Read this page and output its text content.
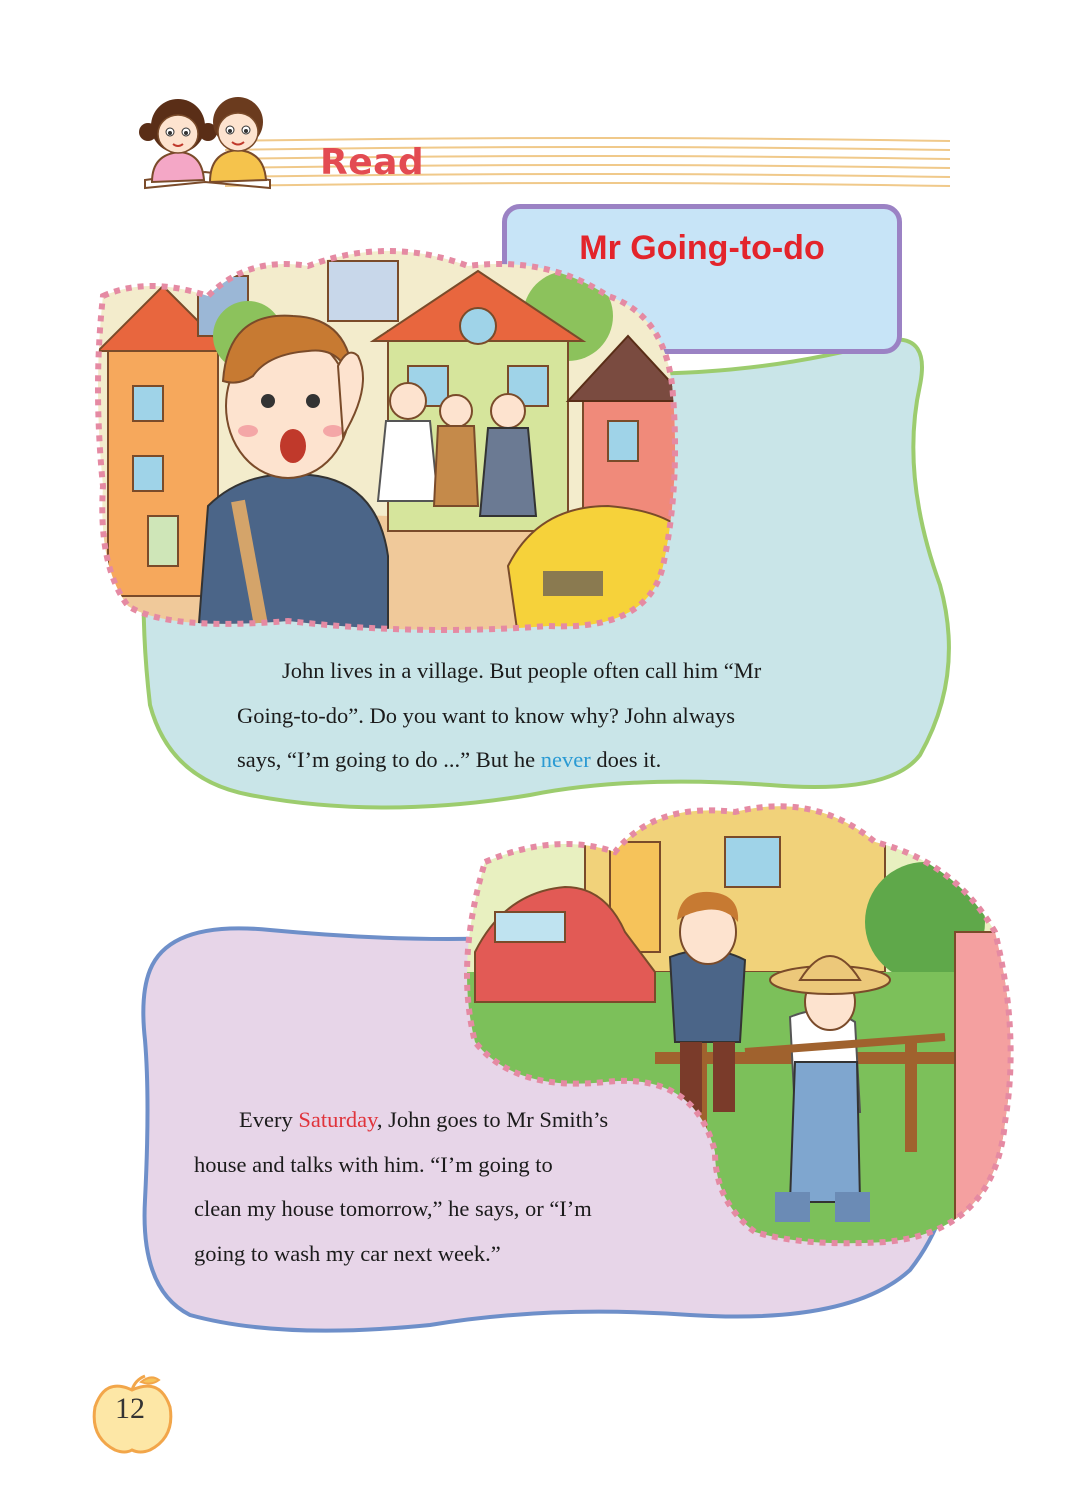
Read
Mr Going-to-do

John lives in a village. But people often call him “Mr
Going-to-do”. Do you want to know why? John always
says, “I’m going to do ...” But he never does it.

Every Saturday, John goes to Mr Smith’s
house and talks with him. “I’m going to
clean my house tomorrow,” he says, or “I’m
going to wash my car next week.”

12
